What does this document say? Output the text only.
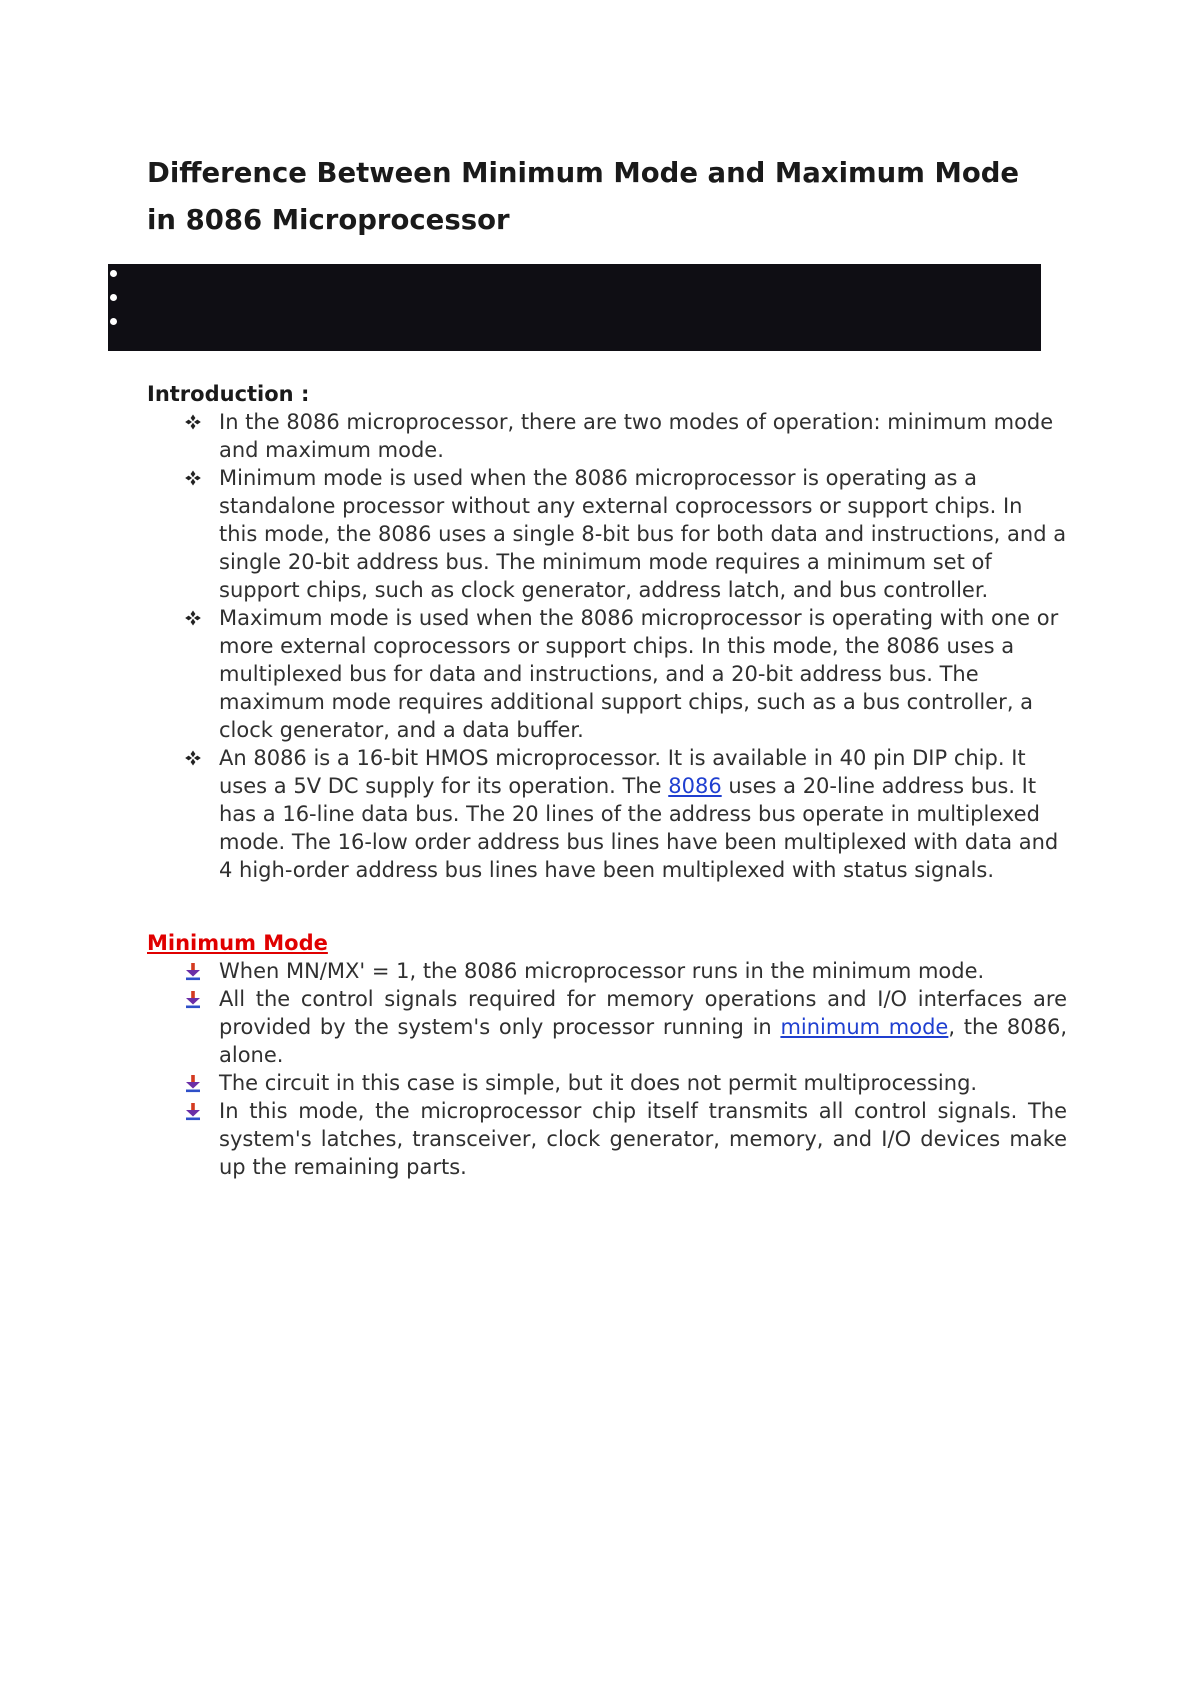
Difference Between Minimum Mode and Maximum Mode
in 8086 Microprocessor

Introduction :

In the 8086 microprocessor, there are two modes of operation: minimum mode and maximum mode.
Minimum mode is used when the 8086 microprocessor is operating as a standalone processor without any external coprocessors or support chips. In this mode, the 8086 uses a single 8-bit bus for both data and instructions, and a single 20-bit address bus. The minimum mode requires a minimum set of support chips, such as clock generator, address latch, and bus controller.
Maximum mode is used when the 8086 microprocessor is operating with one or more external coprocessors or support chips. In this mode, the 8086 uses a multiplexed bus for data and instructions, and a 20-bit address bus. The maximum mode requires additional support chips, such as a bus controller, a clock generator, and a data buffer.
An 8086 is a 16-bit HMOS microprocessor. It is available in 40 pin DIP chip. It uses a 5V DC supply for its operation. The 8086 uses a 20-line address bus. It has a 16-line data bus. The 20 lines of the address bus operate in multiplexed mode. The 16-low order address bus lines have been multiplexed with data and 4 high-order address bus lines have been multiplexed with status signals.

Minimum Mode

When MN/MX' = 1, the 8086 microprocessor runs in the minimum mode.
All the control signals required for memory operations and I/O interfaces are provided by the system's only processor running in minimum mode, the 8086, alone.
The circuit in this case is simple, but it does not permit multiprocessing.
In this mode, the microprocessor chip itself transmits all control signals. The system's latches, transceiver, clock generator, memory, and I/O devices make up the remaining parts.
